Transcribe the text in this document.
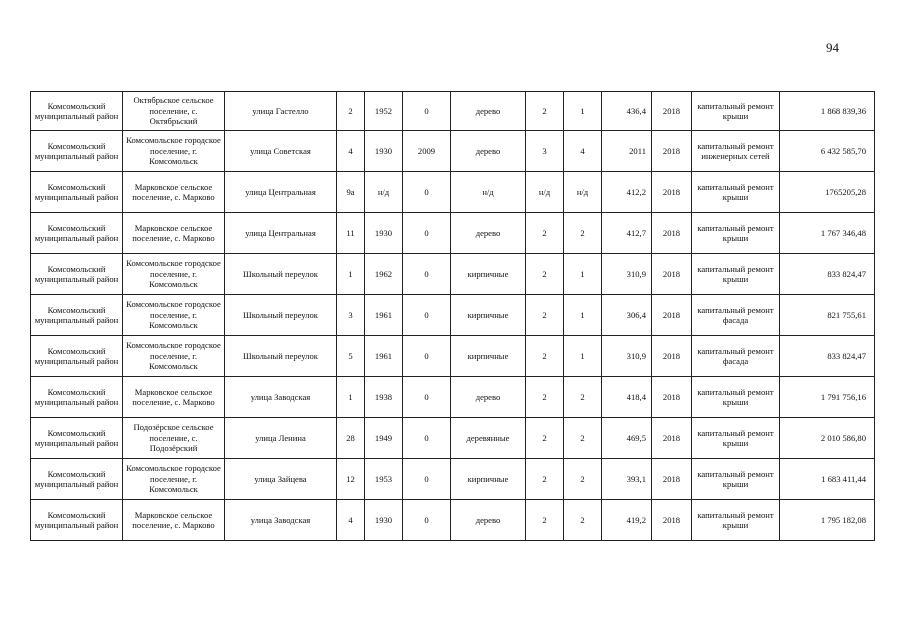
94
Комсомольский муниципальный район	Октябрьское сельское поселение, с. Октябрьский	улица Гастелло	2	1952	0	дерево	2	1	436,4	2018	капитальный ремонт крыши	1 868 839,36
Комсомольский муниципальный район	Комсомольское городское поселение, г. Комсомольск	улица Советская	4	1930	2009	дерево	3	4	2011	2018	капитальный ремонт инженерных сетей	6 432 585,70
Комсомольский муниципальный район	Марковское сельское поселение, с. Марково	улица Центральная	9а	н/д	0	н/д	н/д	н/д	412,2	2018	капитальный ремонт крыши	1765205,28
Комсомольский муниципальный район	Марковское сельское поселение, с. Марково	улица Центральная	11	1930	0	дерево	2	2	412,7	2018	капитальный ремонт крыши	1 767 346,48
Комсомольский муниципальный район	Комсомольское городское поселение, г. Комсомольск	Школьный переулок	1	1962	0	кирпичные	2	1	310,9	2018	капитальный ремонт крыши	833 824,47
Комсомольский муниципальный район	Комсомольское городское поселение, г. Комсомольск	Школьный переулок	3	1961	0	кирпичные	2	1	306,4	2018	капитальный ремонт фасада	821 755,61
Комсомольский муниципальный район	Комсомольское городское поселение, г. Комсомольск	Школьный переулок	5	1961	0	кирпичные	2	1	310,9	2018	капитальный ремонт фасада	833 824,47
Комсомольский муниципальный район	Марковское сельское поселение, с. Марково	улица Заводская	1	1938	0	дерево	2	2	418,4	2018	капитальный ремонт крыши	1 791 756,16
Комсомольский муниципальный район	Подозёрское сельское поселение, с. Подозёрский	улица Ленина	28	1949	0	деревянные	2	2	469,5	2018	капитальный ремонт крыши	2 010 586,80
Комсомольский муниципальный район	Комсомольское городское поселение, г. Комсомольск	улица Зайцева	12	1953	0	кирпичные	2	2	393,1	2018	капитальный ремонт крыши	1 683 411,44
Комсомольский муниципальный район	Марковское сельское поселение, с. Марково	улица Заводская	4	1930	0	дерево	2	2	419,2	2018	капитальный ремонт крыши	1 795 182,08
